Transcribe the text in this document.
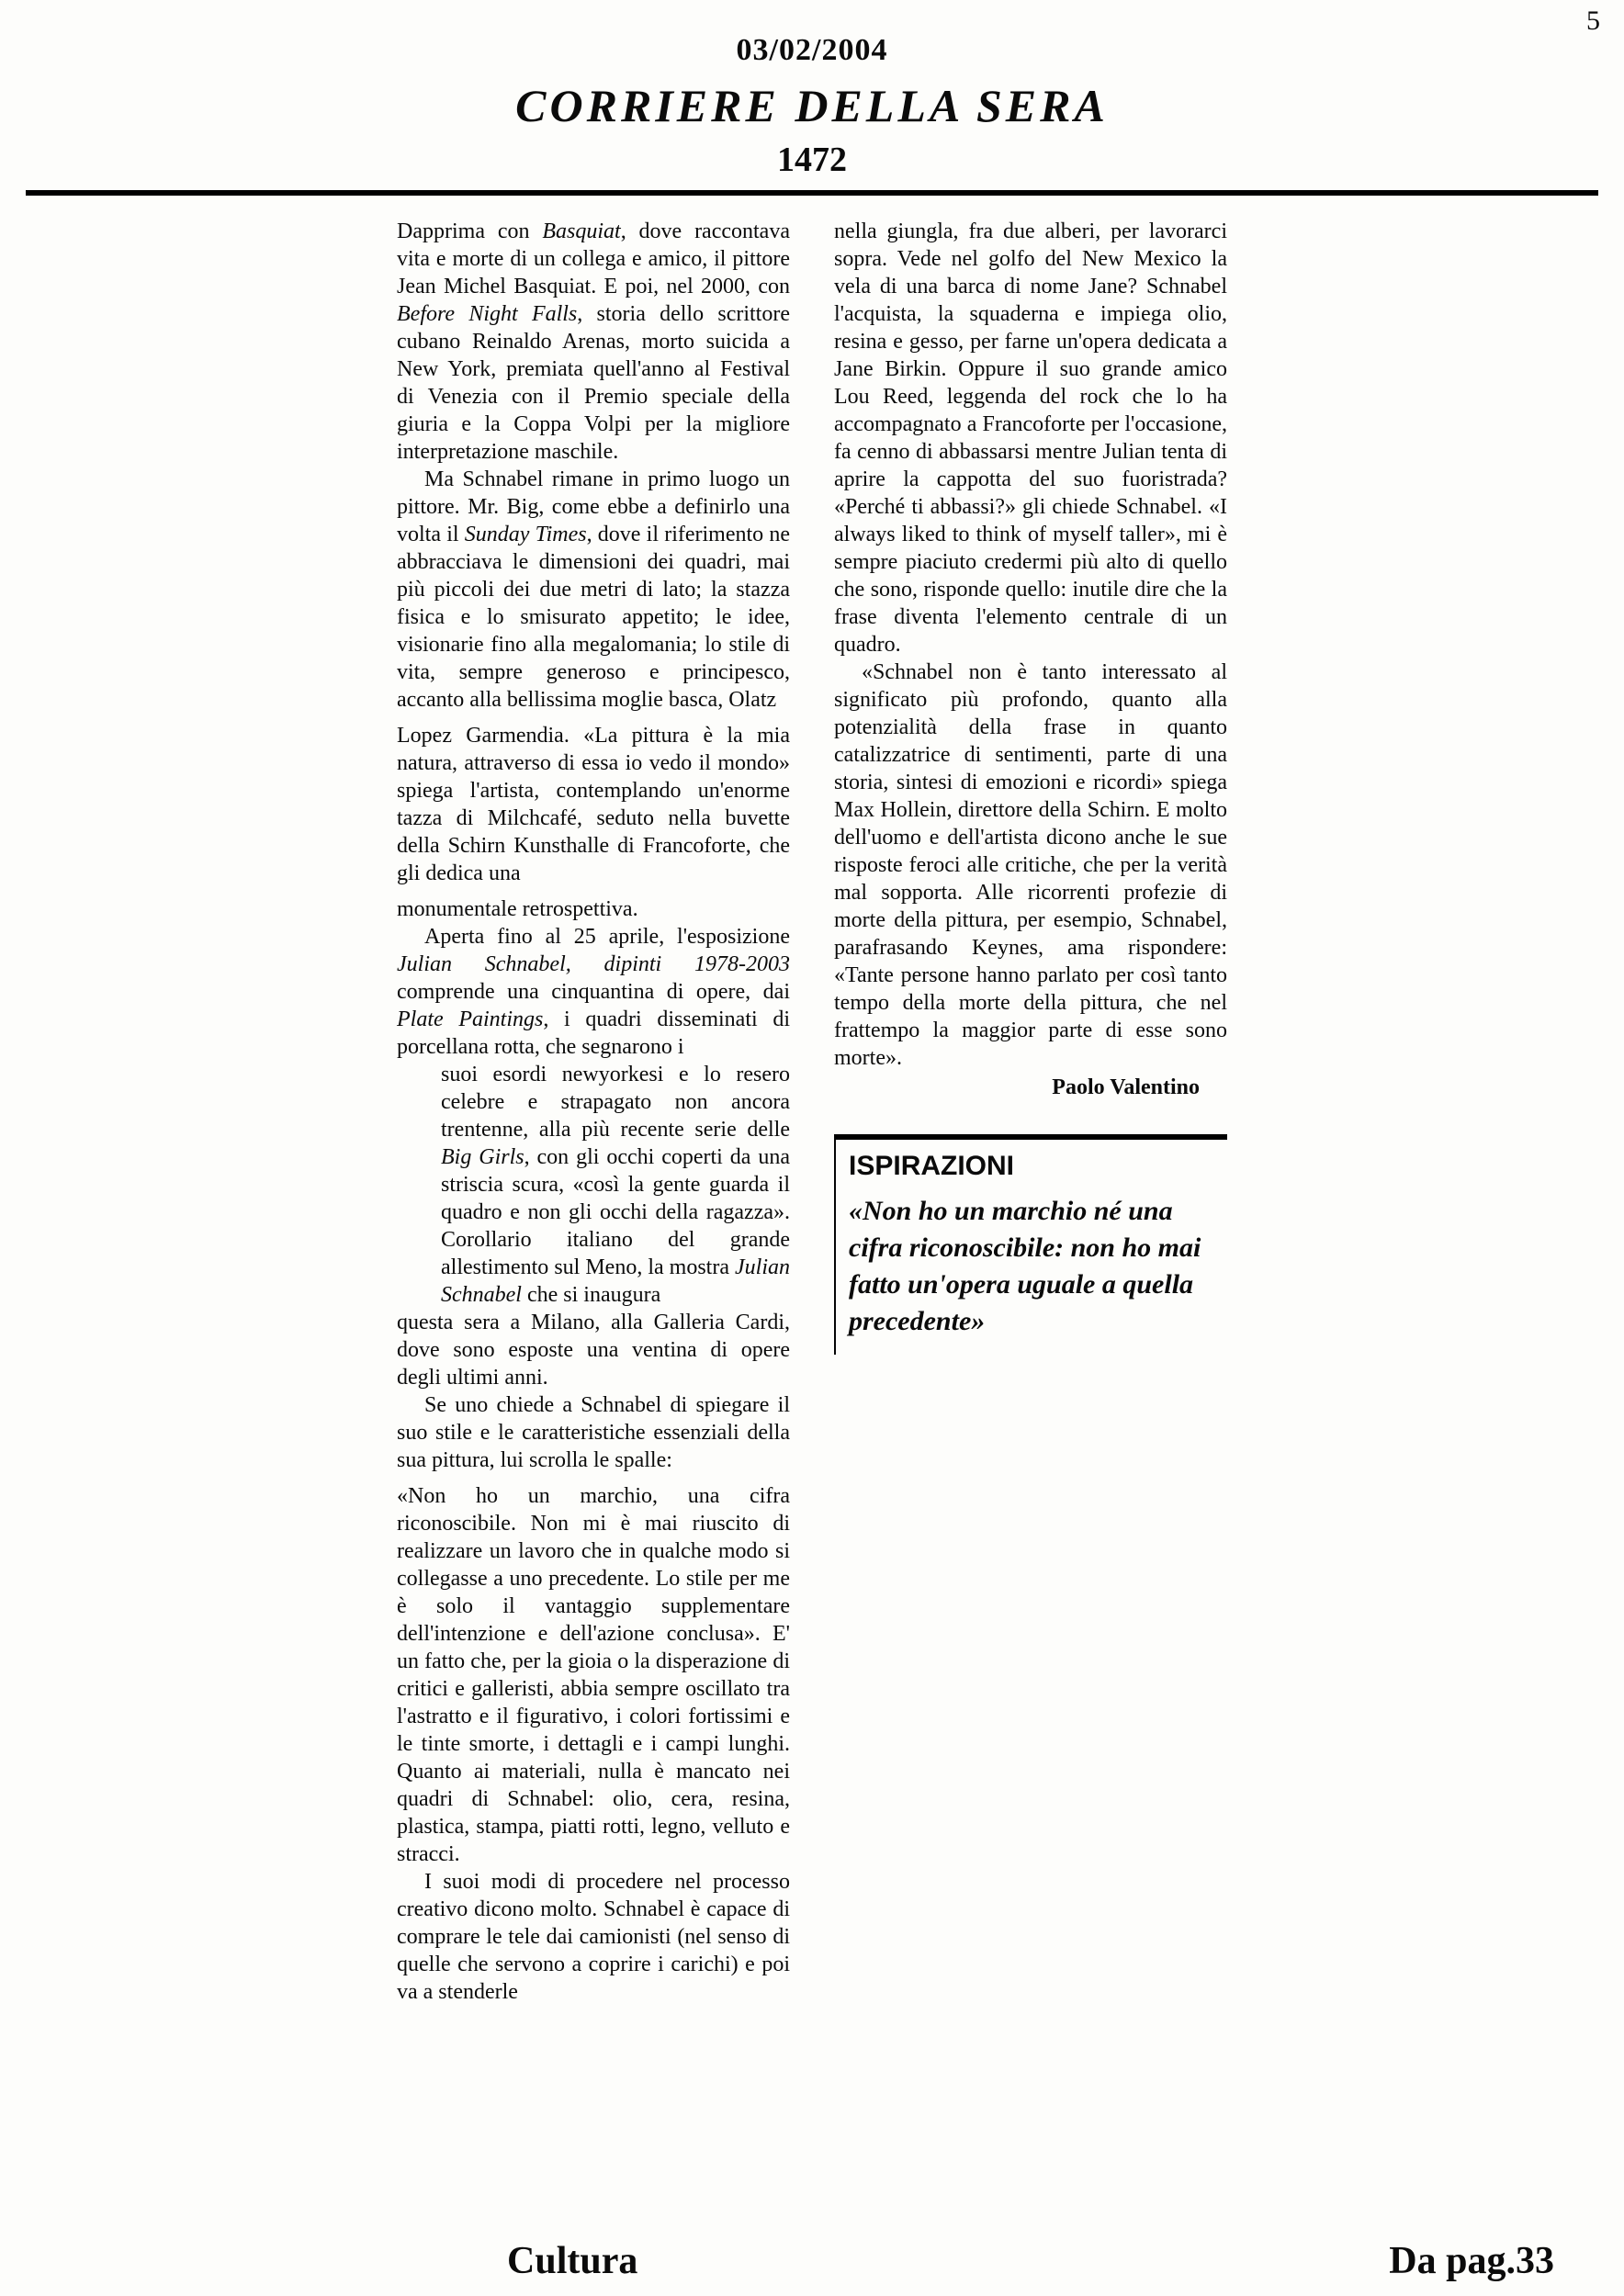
5
03/02/2004
CORRIERE DELLA SERA
1472

Dapprima con Basquiat, dove raccontava vita e morte di un collega e amico, il pittore Jean Michel Basquiat. E poi, nel 2000, con Before Night Falls, storia dello scrittore cubano Reinaldo Arenas, morto suicida a New York, premiata quell'anno al Festival di Venezia con il Premio speciale della giuria e la Coppa Volpi per la migliore interpretazione maschile.

Ma Schnabel rimane in primo luogo un pittore. Mr. Big, come ebbe a definirlo una volta il Sunday Times, dove il riferimento ne abbracciava le dimensioni dei quadri, mai più piccoli dei due metri di lato; la stazza fisica e lo smisurato appetito; le idee, visionarie fino alla megalomania; lo stile di vita, sempre generoso e principesco, accanto alla bellissima moglie basca, Olatz

Lopez Garmendia. «La pittura è la mia natura, attraverso di essa io vedo il mondo» spiega l'artista, contemplando un'enorme tazza di Milchcafé, seduto nella buvette della Schirn Kunsthalle di Francoforte, che gli dedica una

monumentale retrospettiva.

Aperta fino al 25 aprile, l'esposizione Julian Schnabel, dipinti 1978-2003 comprende una cinquantina di opere, dai Plate Paintings, i quadri disseminati di porcellana rotta, che segnarono i

suoi esordi newyorkesi e lo resero celebre e strapagato non ancora trentenne, alla più recente serie delle Big Girls, con gli occhi coperti da una striscia scura, «così la gente guarda il quadro e non gli occhi della ragazza». Corollario italiano del grande allestimento sul Meno, la mostra Julian Schnabel che si inaugura

questa sera a Milano, alla Galleria Cardi, dove sono esposte una ventina di opere degli ultimi anni.

Se uno chiede a Schnabel di spiegare il suo stile e le caratteristiche essenziali della sua pittura, lui scrolla le spalle:

«Non ho un marchio, una cifra riconoscibile. Non mi è mai riuscito di realizzare un lavoro che in qualche modo si collegasse a uno precedente. Lo stile per me è solo il vantaggio supplementare dell'intenzione e dell'azione conclusa». E' un fatto che, per la gioia o la disperazione di critici e galleristi, abbia sempre oscillato tra l'astratto e il figurativo, i colori fortissimi e le tinte smorte, i dettagli e i campi lunghi. Quanto ai materiali, nulla è mancato nei quadri di Schnabel: olio, cera, resina, plastica, stampa, piatti rotti, legno, velluto e stracci.

I suoi modi di procedere nel processo creativo dicono molto. Schnabel è capace di comprare le tele dai camionisti (nel senso di quelle che servono a coprire i carichi) e poi va a stenderle

nella giungla, fra due alberi, per lavorarci sopra. Vede nel golfo del New Mexico la vela di una barca di nome Jane? Schnabel l'acquista, la squaderna e impiega olio, resina e gesso, per farne un'opera dedicata a Jane Birkin. Oppure il suo grande amico Lou Reed, leggenda del rock che lo ha accompagnato a Francoforte per l'occasione, fa cenno di abbassarsi mentre Julian tenta di aprire la cappotta del suo fuoristrada? «Perché ti abbassi?» gli chiede Schnabel. «I always liked to think of myself taller», mi è sempre piaciuto credermi più alto di quello che sono, risponde quello: inutile dire che la frase diventa l'elemento centrale di un quadro.

«Schnabel non è tanto interessato al significato più profondo, quanto alla potenzialità della frase in quanto catalizzatrice di sentimenti, parte di una storia, sintesi di emozioni e ricordi» spiega Max Hollein, direttore della Schirn. E molto dell'uomo e dell'artista dicono anche le sue risposte feroci alle critiche, che per la verità mal sopporta. Alle ricorrenti profezie di morte della pittura, per esempio, Schnabel, parafrasando Keynes, ama rispondere: «Tante persone hanno parlato per così tanto tempo della morte della pittura, che nel frattempo la maggior parte di esse sono morte».

Paolo Valentino

ISPIRAZIONI
«Non ho un marchio né una cifra riconoscibile: non ho mai fatto un'opera uguale a quella precedente»
Cultura	Da pag.33
